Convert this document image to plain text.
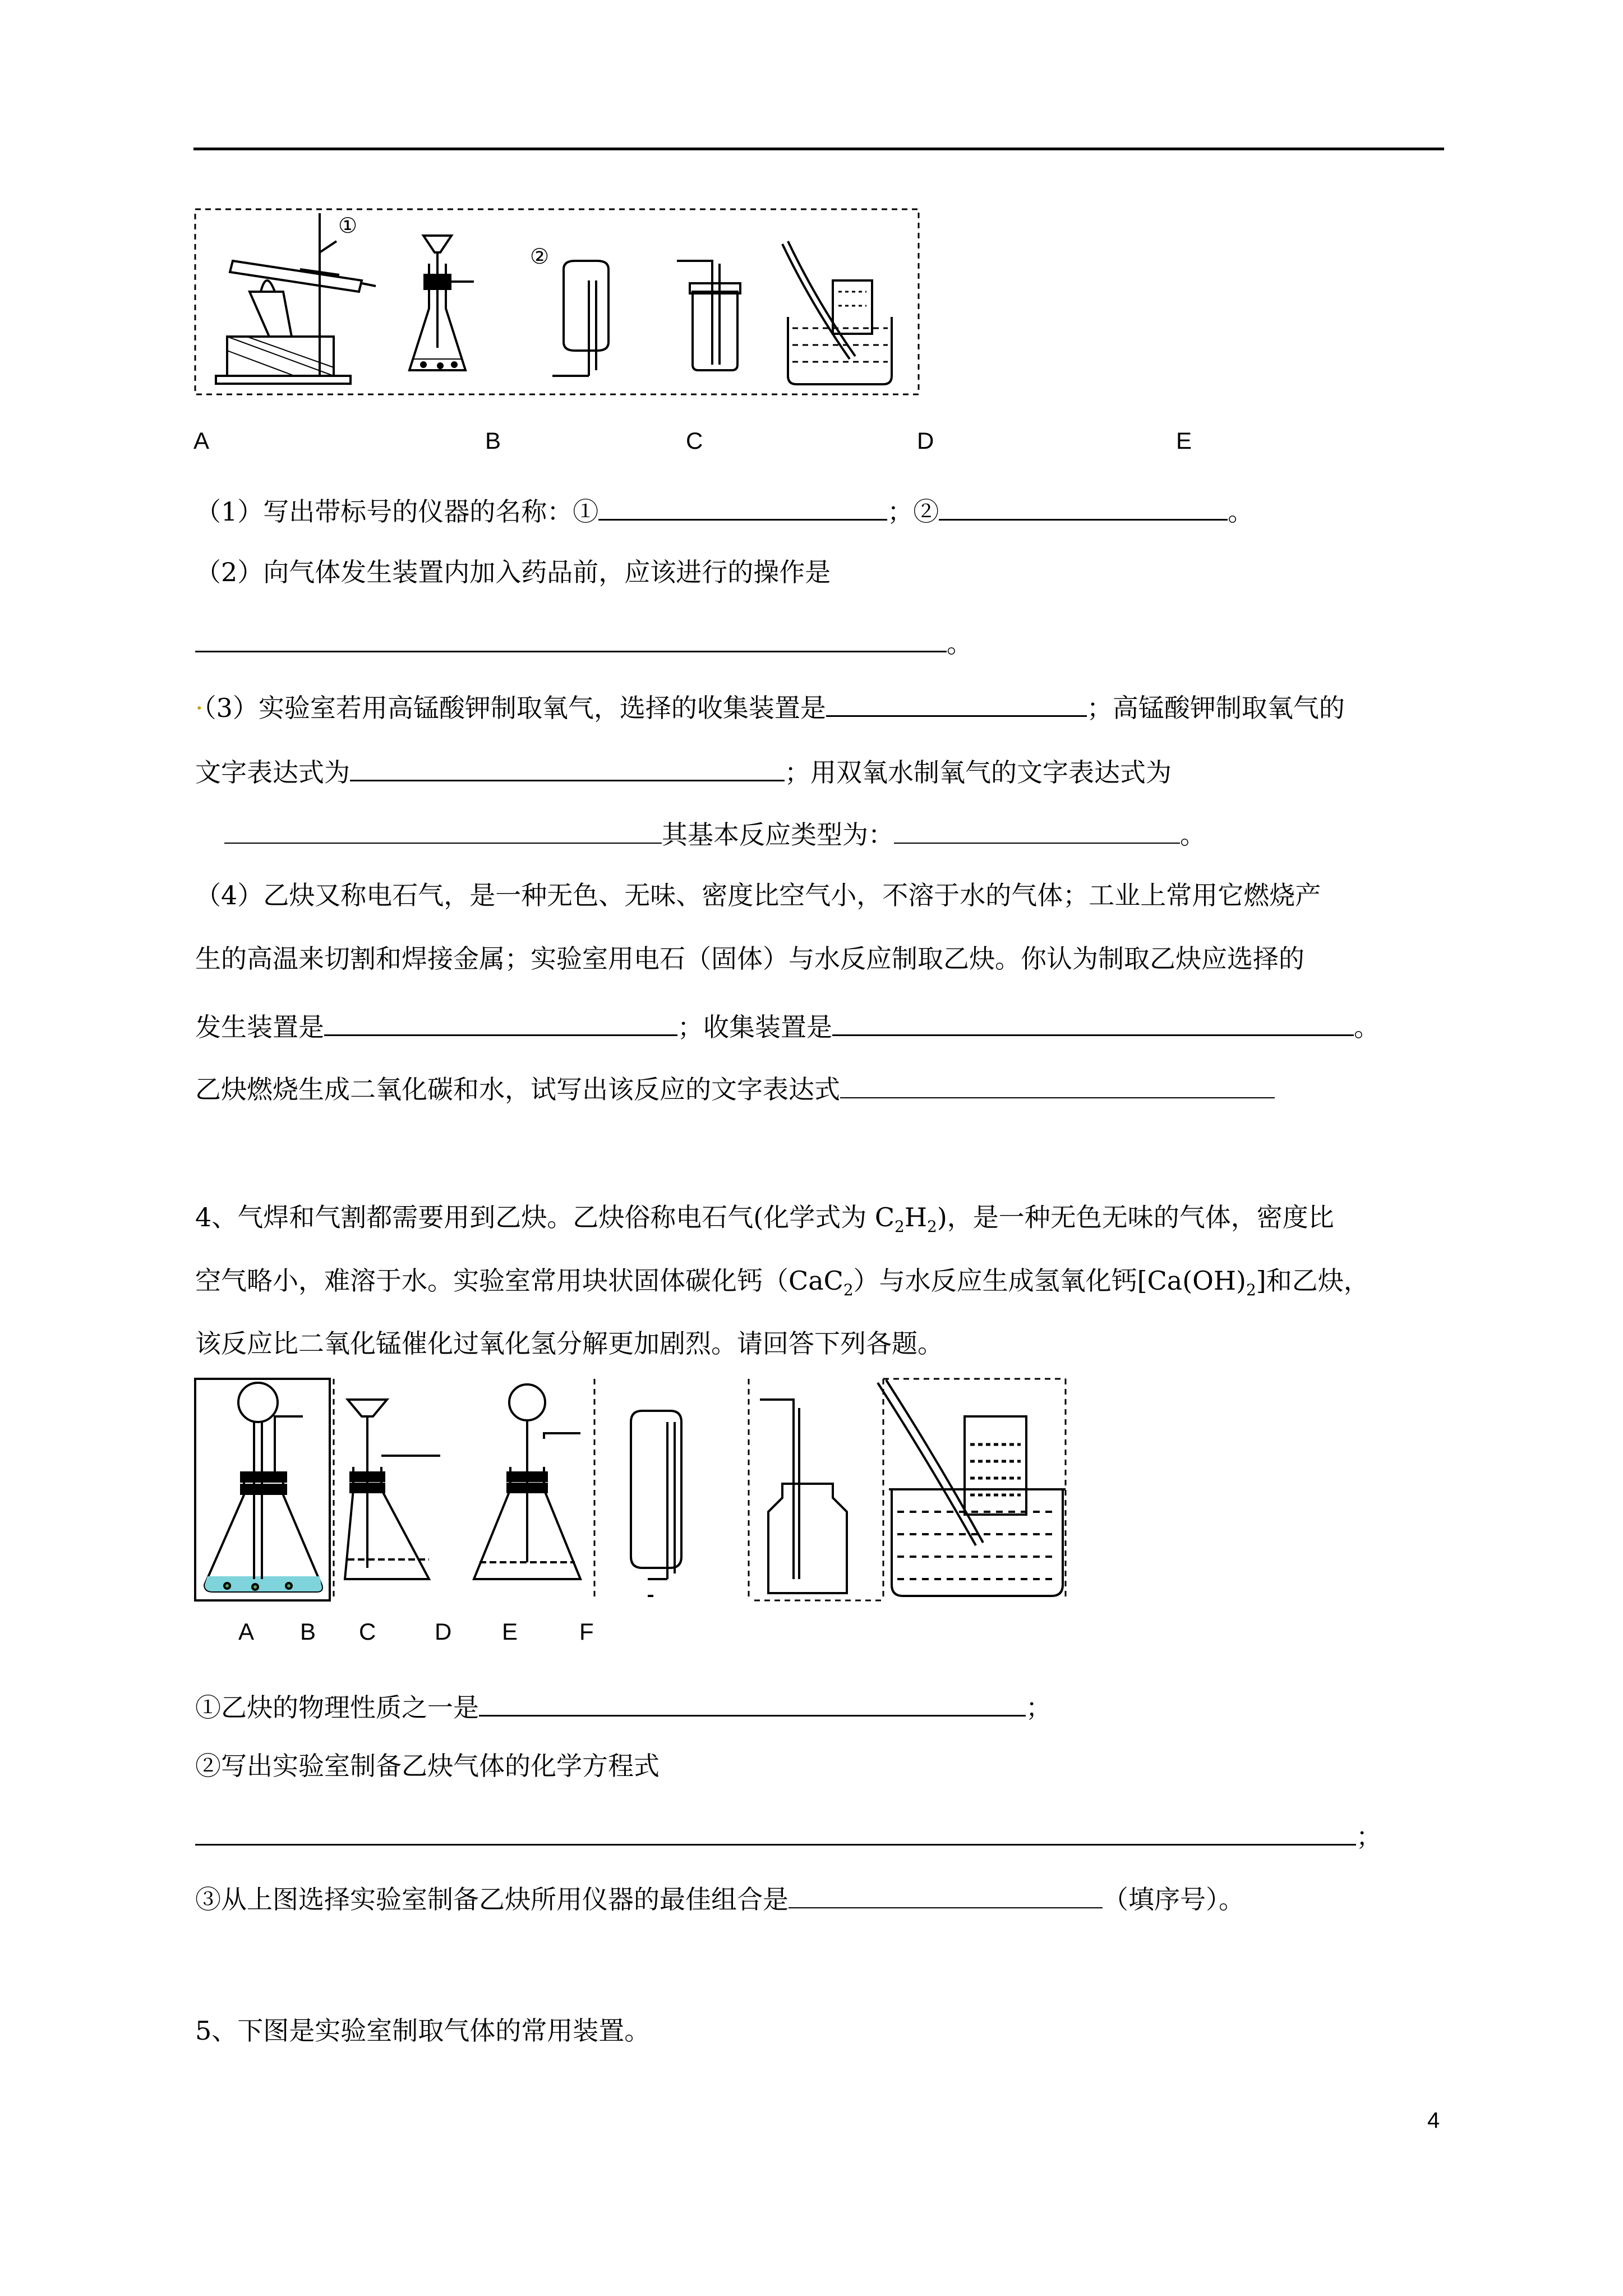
①
②
A	B	C	D	E
（1）写出带标号的仪器的名称：①	；②	。
（2）向气体发生装置内加入药品前，应该进行的操作是
。
·（3）实验室若用高锰酸钾制取氧气，选择的收集装置是	；高锰酸钾制取氧气的
文字表达式为	；用双氧水制氧气的文字表达式为
其基本反应类型为：	。
（4）乙炔又称电石气，是一种无色、无味、密度比空气小，不溶于水的气体；工业上常用它燃烧产
生的高温来切割和焊接金属；实验室用电石（固体）与水反应制取乙炔。你认为制取乙炔应选择的
发生装置是	；收集装置是	。
乙炔燃烧生成二氧化碳和水，试写出该反应的文字表达式
4、气焊和气割都需要用到乙炔。乙炔俗称电石气(化学式为 $C_2H_2$)，是一种无色无味的气体，密度比
空气略小，难溶于水。实验室常用块状固体碳化钙（CaC$_2$）与水反应生成氢氧化钙$[Ca(OH)_2]$和乙炔，
该反应比二氧化锰催化过氧化氢分解更加剧烈。请回答下列各题。
A B C D E	F
①乙炔的物理性质之一是	；
②写出实验室制备乙炔气体的化学方程式
；
③从上图选择实验室制备乙炔所用仪器的最佳组合是	（填序号）。
5、下图是实验室制取气体的常用装置。
4
